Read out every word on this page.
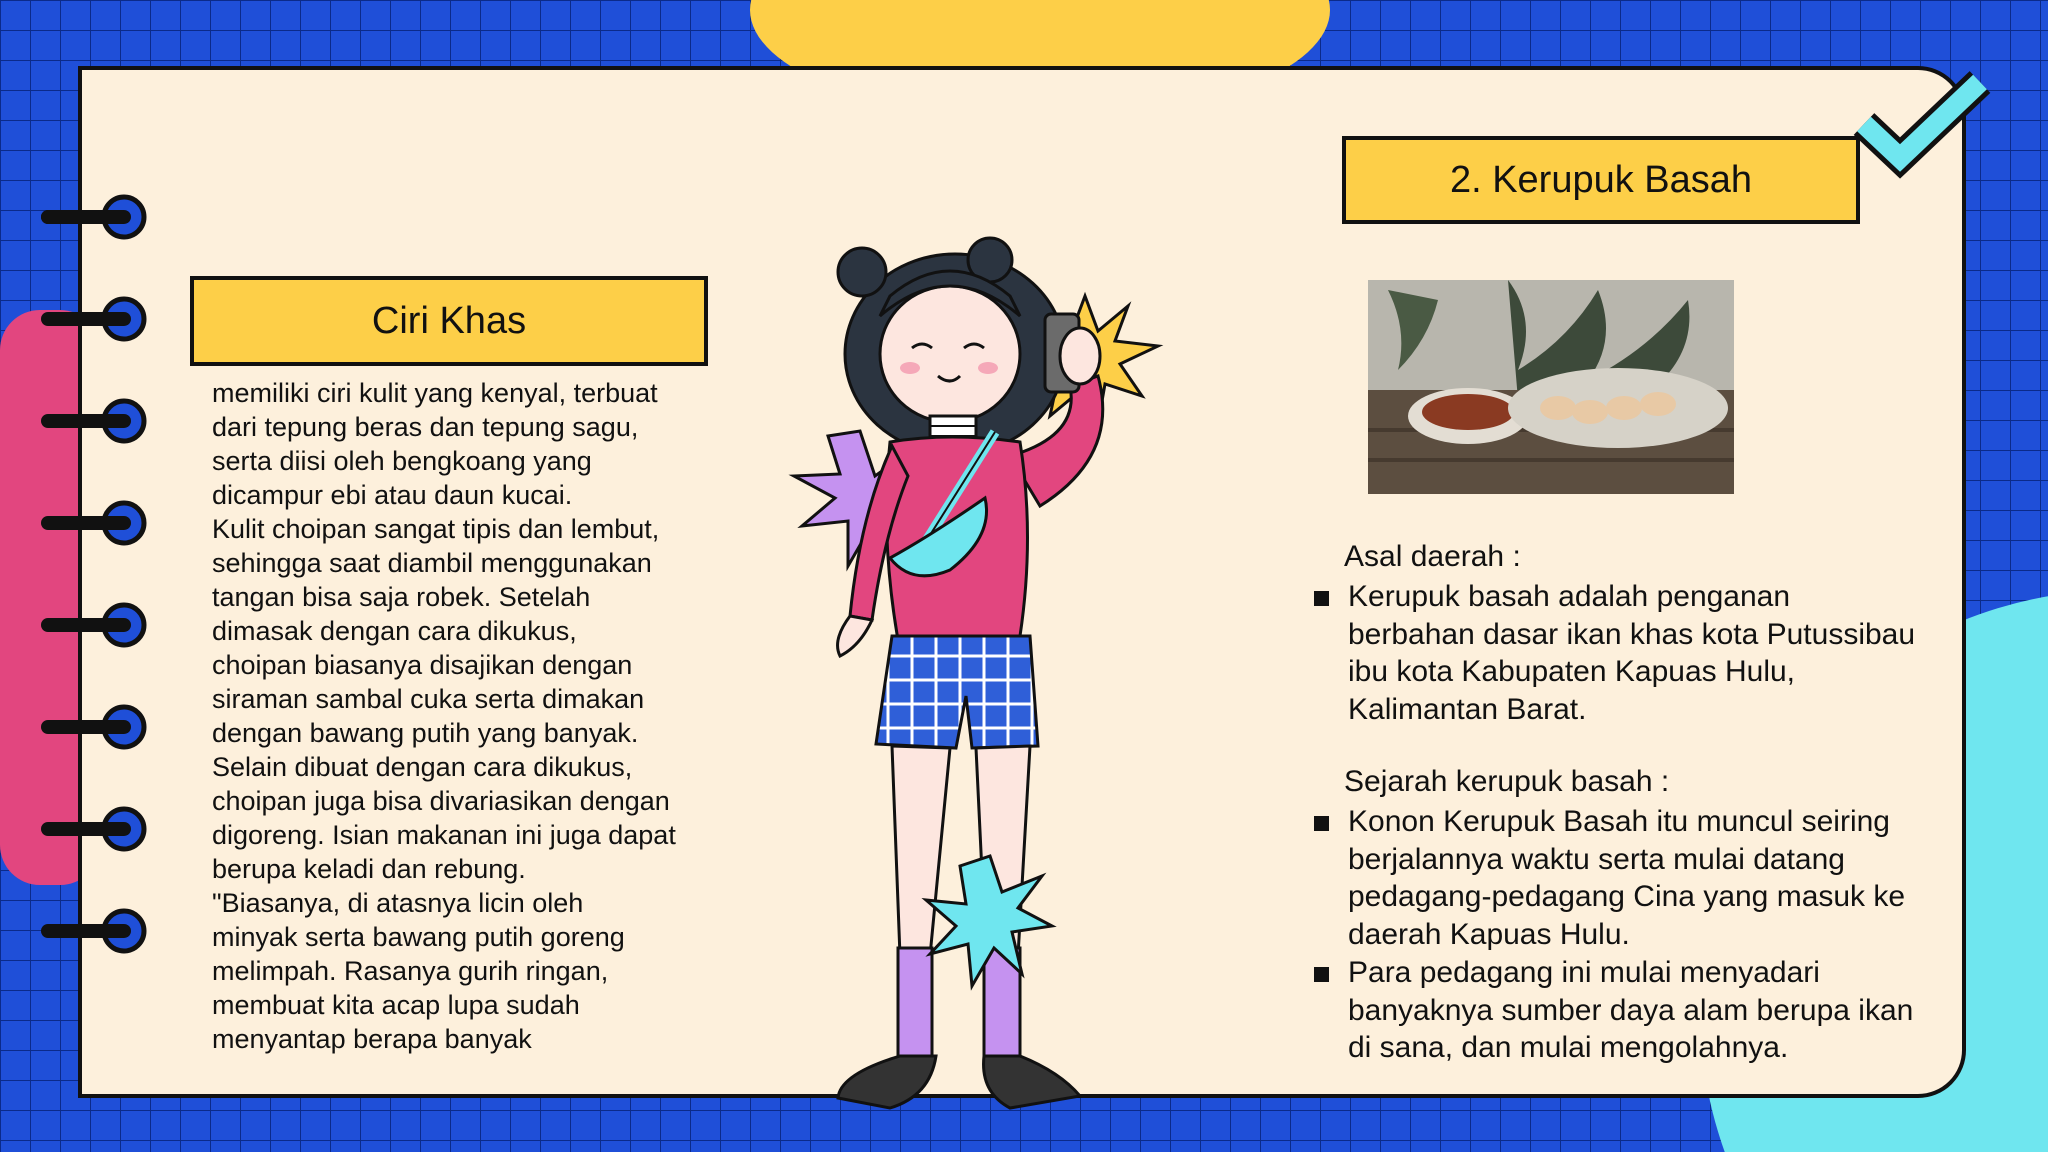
Ciri Khas
memiliki ciri kulit yang kenyal, terbuat
dari tepung beras dan tepung sagu,
serta diisi oleh bengkoang yang
dicampur ebi atau daun kucai.
Kulit choipan sangat tipis dan lembut,
sehingga saat diambil menggunakan
tangan bisa saja robek. Setelah
dimasak dengan cara dikukus,
choipan biasanya disajikan dengan
siraman sambal cuka serta dimakan
dengan bawang putih yang banyak.
Selain dibuat dengan cara dikukus,
choipan juga bisa divariasikan dengan
digoreng. Isian makanan ini juga dapat
berupa keladi dan rebung.
"Biasanya, di atasnya licin oleh
minyak serta bawang putih goreng
melimpah. Rasanya gurih ringan,
membuat kita acap lupa sudah
menyantap berapa banyak
2. Kerupuk Basah
Asal daerah :
Kerupuk basah adalah penganan berbahan dasar ikan khas kota Putussibau ibu kota Kabupaten Kapuas Hulu, Kalimantan Barat.
Sejarah kerupuk basah :
Konon Kerupuk Basah itu muncul seiring berjalannya waktu serta mulai datang pedagang-pedagang Cina yang masuk ke daerah Kapuas Hulu.
Para pedagang ini mulai menyadari banyaknya sumber daya alam berupa ikan di sana, dan mulai mengolahnya.
